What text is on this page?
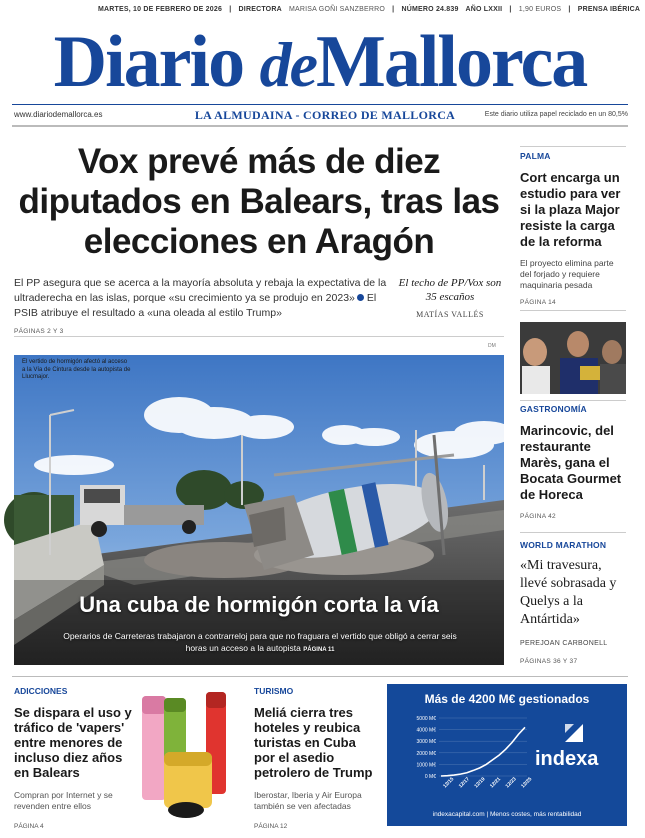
MARTES, 10 DE FEBRERO DE 2026 | DIRECTORA MARISA GOÑI SANZBERRO | NÚMERO 24.839 AÑO LXXII | 1,90 EUROS | PRENSA IBÉRICA
Diario deMallorca
www.diariodemallorca.es	LA ALMUDAINA - CORREO DE MALLORCA	Este diario utiliza papel reciclado en un 80,5%
Vox prevé más de diez diputados en Balears, tras las elecciones en Aragón
El PP asegura que se acerca a la mayoría absoluta y rebaja la expectativa de la ultraderecha en las islas, porque «su crecimiento ya se produjo en 2023» El PSIB atribuye el resultado a «una oleada al estilo Trump»
El techo de PP/Vox son 35 escaños
MATÍAS VALLÉS
PÁGINAS 2 Y 3
DM
El vertido de hormigón afectó al acceso a la Vía de Cintura desde la autopista de Llucmajor.
Una cuba de hormigón corta la vía
Operarios de Carreteras trabajaron a contrarreloj para que no fraguara el vertido que obligó a cerrar seis horas un acceso a la autopista PÁGINA 11
PALMA
Cort encarga un estudio para ver si la plaza Major resiste la carga de la reforma
El proyecto elimina parte del forjado y requiere maquinaria pesada
PÁGINA 14
GASTRONOMÍA
Marincovic, del restaurante Marès, gana el Bocata Gourmet de Horeca
PÁGINA 42
WORLD MARATHON
«Mi travesura, llevé sobrasada y Quelys a la Antártida»
PEREJOAN CARBONELL
PÁGINAS 36 Y 37
ADICCIONES
Se dispara el uso y tráfico de 'vapers' entre menores de incluso diez años en Balears
Compran por Internet y se revenden entre ellos
PÁGINA 4
TURISMO
Meliá cierra tres hoteles y reubica turistas en Cuba por el asedio petrolero de Trump
Iberostar, Iberia y Air Europa también se ven afectadas
PÁGINA 12
Más de 4200 M€ gestionados
0 M€
1000 M€
2000 M€
3000 M€
4000 M€
5000 M€
12/15 12/17 12/19 12/21 12/23 12/25
indexa
indexacapital.com | Menos costes, más rentabilidad
